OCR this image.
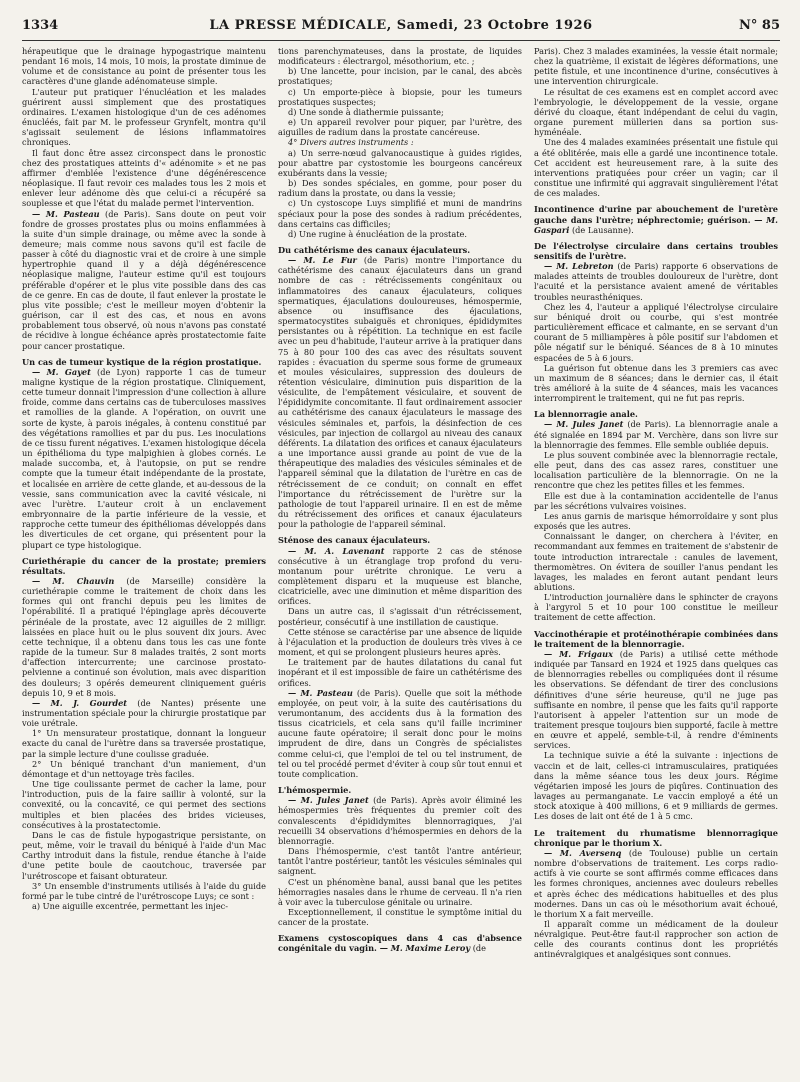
1334	LA PRESSE MÉDICALE, Samedi, 23 Octobre 1926	N° 85

hérapeutique que le drainage hypogastrique maintenu pendant 16 mois, 14 mois, 10 mois, la prostate diminue de volume et de consistance au point de présenter tous les caractères d'une glande adénomateuse simple.

L'auteur put pratiquer l'énucléation et les malades guérirent aussi simplement que des prostatiques ordinaires. L'examen histologique d'un de ces adénomes énucléés, fait par M. le professeur Grynfelt, montra qu'il s'agissait seulement de lésions inflammatoires chroniques.

Il faut donc être assez circonspect dans le pronostic chez des prostatiques atteints d'« adénomite » et ne pas affirmer d'emblée l'existence d'une dégénérescence néoplasique. Il faut revoir ces malades tous les 2 mois et enlever leur adénome dès que celui-ci a récupéré sa souplesse et que l'état du malade permet l'intervention.

— M. Pasteau (de Paris). Sans doute on peut voir fondre de grosses prostates plus ou moins enflammées à la suite d'un simple drainage, ou même avec la sonde à demeure; mais comme nous savons qu'il est facile de passer à côté du diagnostic vrai et de croire à une simple hypertrophie quand il y a déjà dégénérescence néoplasique maligne, l'auteur estime qu'il est toujours préférable d'opérer et le plus vite possible dans des cas de ce genre. En cas de doute, il faut enlever la prostate le plus vite possible; c'est le meilleur moyen d'obtenir la guérison, car il est des cas, et nous en avons probablement tous observé, où nous n'avons pas constaté de récidive à longue échéance après prostatectomie faite pour cancer prostatique.

Un cas de tumeur kystique de la région prostatique.

— M. Gayet (de Lyon) rapporte 1 cas de tumeur maligne kystique de la région prostatique. Cliniquement, cette tumeur donnait l'impression d'une collection à allure froide, comme dans certains cas de tuberculoses massives et ramollies de la glande. A l'opération, on ouvrit une sorte de kyste, à parois inégales, à contenu constitué par des végétations ramollies et par du pus. Les inoculations de ce tissu furent négatives. L'examen histologique décela un épithélioma du type malpighien à globes cornés. Le malade succomba, et, à l'autopsie, on put se rendre compte que la tumeur était indépendante de la prostate, et localisée en arrière de cette glande, et au-dessous de la vessie, sans communication avec la cavité vésicale, ni avec l'urètre. L'auteur croit à un enclavement embryonnaire de la partie inférieure de la vessie, et rapproche cette tumeur des épithéliomas développés dans les diverticules de cet organe, qui présentent pour la plupart ce type histologique.

Curiethérapie du cancer de la prostate; premiers résultats.

— M. Chauvin (de Marseille) considère la curiethérapie comme le traitement de choix dans les formes qui ont franchi depuis peu les limites de l'opérabilité. Il a pratiqué l'épinglage après découverte périnéale de la prostate, avec 12 aiguilles de 2 milligr. laissées en place huit ou le plus souvent dix jours. Avec cette technique, il a obtenu dans tous les cas une fonte rapide de la tumeur. Sur 8 malades traités, 2 sont morts d'affection intercurrente; une carcinose prostato-pelvienne a continué son évolution, mais avec disparition des douleurs; 3 opérés demeurent cliniquement guéris depuis 10, 9 et 8 mois.

— M. J. Gourdet (de Nantes) présente une instrumentation spéciale pour la chirurgie prostatique par voie urétrale.

1° Un mensurateur prostatique, donnant la longueur exacte du canal de l'urètre dans sa traversée prostatique, par la simple lecture d'une coulisse graduée.

2° Un béniqué tranchant d'un maniement, d'un démontage et d'un nettoyage très faciles.

Une tige coulissante permet de cacher la lame, pour l'introduction, puis de la faire saillir à volonté, sur la convexité, ou la concavité, ce qui permet des sections multiples et bien placées des brides vicieuses, consécutives à la prostatectomie.

Dans le cas de fistule hypogastrique persistante, on peut, même, voir le travail du béniqué à l'aide d'un Mac Carthy introduit dans la fistule, rendue étanche à l'aide d'une petite boule de caoutchouc, traversée par l'urétroscope et faisant obturateur.

3° Un ensemble d'instruments utilisés à l'aide du guide formé par le tube cintré de l'urétroscope Luys; ce sont :

a) Une aiguille excentrée, permettant les injec-

tions parenchymateuses, dans la prostate, de liquides modificateurs : électrargol, mésothorium, etc. ;

b) Une lancette, pour incision, par le canal, des abcès prostatiques;

c) Un emporte-pièce à biopsie, pour les tumeurs prostatiques suspectes;

d) Une sonde à diathermie puissante;

e) Un appareil revolver pour piquer, par l'urètre, des aiguilles de radium dans la prostate cancéreuse.

4° Divers autres instruments :

a) Un serre-nœud galvanocaustique à guides rigides, pour abattre par cystostomie les bourgeons cancéreux exubérants dans la vessie;

b) Des sondes spéciales, en gomme, pour poser du radium dans la prostate, ou dans la vessie;

c) Un cystoscope Luys simplifié et muni de mandrins spéciaux pour la pose des sondes à radium précédentes, dans certains cas difficiles;

d) Une rugine à énucléation de la prostate.

Du cathétérisme des canaux éjaculateurs.

— M. Le Fur (de Paris) montre l'importance du cathétérisme des canaux éjaculateurs dans un grand nombre de cas : rétrécissements congénitaux ou inflammatoires des canaux éjaculateurs, coliques spermatiques, éjaculations douloureuses, hémospermie, absence ou insuffisance des éjaculations, spermatocystites subaiguës et chroniques, épididymites persistantes ou à répétition. La technique en est facile avec un peu d'habitude, l'auteur arrive à la pratiquer dans 75 à 80 pour 100 des cas avec des résultats souvent rapides : évacuation du sperme sous forme de grumeaux et moules vésiculaires, suppression des douleurs de rétention vésiculaire, diminution puis disparition de la vésiculite, de l'empâtement vésiculaire, et souvent de l'épididymite concomitante. Il faut ordinairement associer au cathétérisme des canaux éjaculateurs le massage des vésicules séminales et, parfois, la désinfection de ces vésicules, par injection de collargol au niveau des canaux déférents. La dilatation des orifices et canaux éjaculateurs a une importance aussi grande au point de vue de la thérapeutique des maladies des vésicules séminales et de l'appareil séminal que la dilatation de l'urètre en cas de rétrécissement de ce conduit; on connaît en effet l'importance du rétrécissement de l'urètre sur la pathologie de tout l'appareil urinaire. Il en est de même du rétrécissement des orifices et canaux éjaculateurs pour la pathologie de l'appareil séminal.

Sténose des canaux éjaculateurs.

— M. A. Lavenant rapporte 2 cas de sténose consécutive à un étranglage trop profond du verumontanum pour urétrite chronique. Le veru a complètement disparu et la muqueuse est blanche, cicatricielle, avec une diminution et même disparition des orifices.

Dans un autre cas, il s'agissait d'un rétrécissement, postérieur, consécutif à une instillation de caustique.

Cette sténose se caractérise par une absence de liquide à l'éjaculation et la production de douleurs très vives à ce moment, et qui se prolongent plusieurs heures après.

Le traitement par de hautes dilatations du canal fut inopérant et il est impossible de faire un cathétérisme des orifices.

— M. Pasteau (de Paris). Quelle que soit la méthode employée, on peut voir, à la suite des cautérisations du verumontanum, des accidents dus à la formation des tissus cicatriciels, et cela sans qu'il faille incriminer aucune faute opératoire; il serait donc pour le moins imprudent de dire, dans un Congrès de spécialistes comme celui-ci, que l'emploi de tel ou tel instrument, de tel ou tel procédé permet d'éviter à coup sûr tout ennui et toute complication.

L'hémospermie.

— M. Jules Janet (de Paris). Après avoir éliminé les hémospermies très fréquentes du premier coït des convalescents d'épididymites blennorragiques, j'ai recueilli 34 observations d'hémospermies en dehors de la blennorragie.

Dans l'hémospermie, c'est tantôt l'antre antérieur, tantôt l'antre postérieur, tantôt les vésicules séminales qui saignent.

C'est un phénomène banal, aussi banal que les petites hémorragies nasales dans le rhume de cerveau. Il n'a rien à voir avec la tuberculose génitale ou urinaire.

Exceptionnellement, il constitue le symptôme initial du cancer de la prostate.

Examens cystoscopiques dans 4 cas d'absence congénitale du vagin. — M. Maxime Leroy (de

Paris). Chez 3 malades examinées, la vessie était normale; chez la quatrième, il existait de légères déformations, une petite fistule, et une incontinence d'urine, consécutives à une intervention chirurgicale.

Le résultat de ces examens est en complet accord avec l'embryologie, le développement de la vessie, organe dérivé du cloaque, étant indépendant de celui du vagin, organe purement müllerien dans sa portion sus-hyménéale.

Une des 4 malades examinées présentait une fistule qui a été oblitérée, mais elle a gardé une incontinence totale. Cet accident est heureusement rare, à la suite des interventions pratiquées pour créer un vagin; car il constitue une infirmité qui aggravait singulièrement l'état de ces malades.

Incontinence d'urine par abouchement de l'uretère gauche dans l'urètre; néphrectomie; guérison. — M. Gaspari (de Lausanne).

De l'électrolyse circulaire dans certains troubles sensitifs de l'urètre.

— M. Lebreton (de Paris) rapporte 6 observations de malades atteints de troubles douloureux de l'urètre, dont l'acuité et la persistance avaient amené de véritables troubles neurasthéniques.

Chez les 4, l'auteur a appliqué l'électrolyse circulaire sur béniqué droit ou courbe, qui s'est montrée particulièrement efficace et calmante, en se servant d'un courant de 5 milliampères à pôle positif sur l'abdomen et pôle négatif sur le béniqué. Séances de 8 à 10 minutes espacées de 5 à 6 jours.

La guérison fut obtenue dans les 3 premiers cas avec un maximum de 8 séances; dans le dernier cas, il était très amélioré à la suite de 4 séances, mais les vacances interrompirent le traitement, qui ne fut pas repris.

La blennorragie anale.

— M. Jules Janet (de Paris). La blennorragie anale a été signalée en 1894 par M. Verchère, dans son livre sur la blennorragie des femmes. Elle semble oubliée depuis.

Le plus souvent combinée avec la blennorragie rectale, elle peut, dans des cas assez rares, constituer une localisation particulière de la blennorragie. On ne la rencontre que chez les petites filles et les femmes.

Elle est due à la contamination accidentelle de l'anus par les sécrétions vulvaires voisines.

Les anus garnis de marisque hémorroïdaire y sont plus exposés que les autres.

Connaissant le danger, on cherchera à l'éviter, en recommandant aux femmes en traitement de s'abstenir de toute introduction intrarectale : canules de lavement, thermomètres. On évitera de souiller l'anus pendant les lavages, les malades en feront autant pendant leurs ablutions.

L'introduction journalière dans le sphincter de crayons à l'argyrol 5 et 10 pour 100 constitue le meilleur traitement de cette affection.

Vaccinothérapie et protéinothérapie combinées dans le traitement de la blennorragie.

— M. Frigaux (de Paris) a utilisé cette méthode indiquée par Tansard en 1924 et 1925 dans quelques cas de blennorragies rebelles ou compliquées dont il résume les observations. Se défendant de tirer des conclusions définitives d'une série heureuse, qu'il ne juge pas suffisante en nombre, il pense que les faits qu'il rapporte l'autorisent à appeler l'attention sur un mode de traitement presque toujours bien supporté, facile à mettre en œuvre et appelé, semble-t-il, à rendre d'éminents services.

La technique suivie a été la suivante : injections de vaccin et de lait, celles-ci intramusculaires, pratiquées dans la même séance tous les deux jours. Régime végétarien imposé les jours de piqûres. Continuation des lavages au permanganate. Le vaccin employé a été un stock atoxique à 400 millions, 6 et 9 milliards de germes. Les doses de lait ont été de 1 à 5 cmc.

Le traitement du rhumatisme blennorragique chronique par le thorium X.

— M. Aversenq (de Toulouse) publie un certain nombre d'observations de traitement. Les corps radio-actifs à vie courte se sont affirmés comme efficaces dans les formes chroniques, anciennes avec douleurs rebelles et après échec des médications habituelles et des plus modernes. Dans un cas où le mésothorium avait échoué, le thorium X a fait merveille.

Il apparaît comme un médicament de la douleur névralgique. Peut-être faut-il rapprocher son action de celle des courants continus dont les propriétés antinévralgiques et analgésiques sont connues.
